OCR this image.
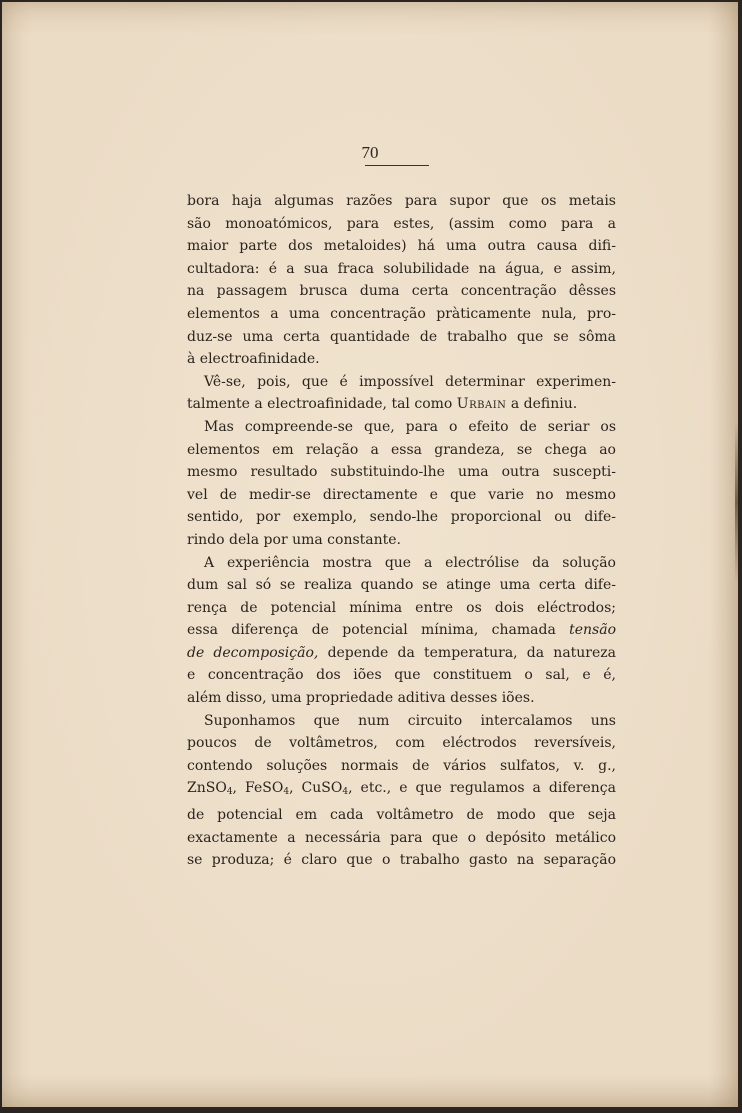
70
bora haja algumas razões para supor que os metais
são monoatómicos, para estes, (assim como para a
maior parte dos metaloides) há uma outra causa difi-
cultadora: é a sua fraca solubilidade na água, e assim,
na passagem brusca duma certa concentração dêsses
elementos a uma concentração pràticamente nula, pro-
duz-se uma certa quantidade de trabalho que se sôma
à electroafinidade.
Vê-se, pois, que é impossível determinar experimen-
talmente a electroafinidade, tal como Urbain a definiu.
Mas compreende-se que, para o efeito de seriar os
elementos em relação a essa grandeza, se chega ao
mesmo resultado substituindo-lhe uma outra suscepti-
vel de medir-se directamente e que varie no mesmo
sentido, por exemplo, sendo-lhe proporcional ou dife-
rindo dela por uma constante.
A experiência mostra que a electrólise da solução
dum sal só se realiza quando se atinge uma certa dife-
rença de potencial mínima entre os dois eléctrodos;
essa diferença de potencial mínima, chamada tensão
de decomposição, depende da temperatura, da natureza
e concentração dos iões que constituem o sal, e é,
além disso, uma propriedade aditiva desses iões.
Suponhamos que num circuito intercalamos uns
poucos de voltâmetros, com eléctrodos reversíveis,
contendo soluções normais de vários sulfatos, v. g.,
ZnSO$_4$, FeSO$_4$, CuSO$_4$, etc., e que regulamos a diferença
de potencial em cada voltâmetro de modo que seja
exactamente a necessária para que o depósito metálico
se produza; é claro que o trabalho gasto na separação
